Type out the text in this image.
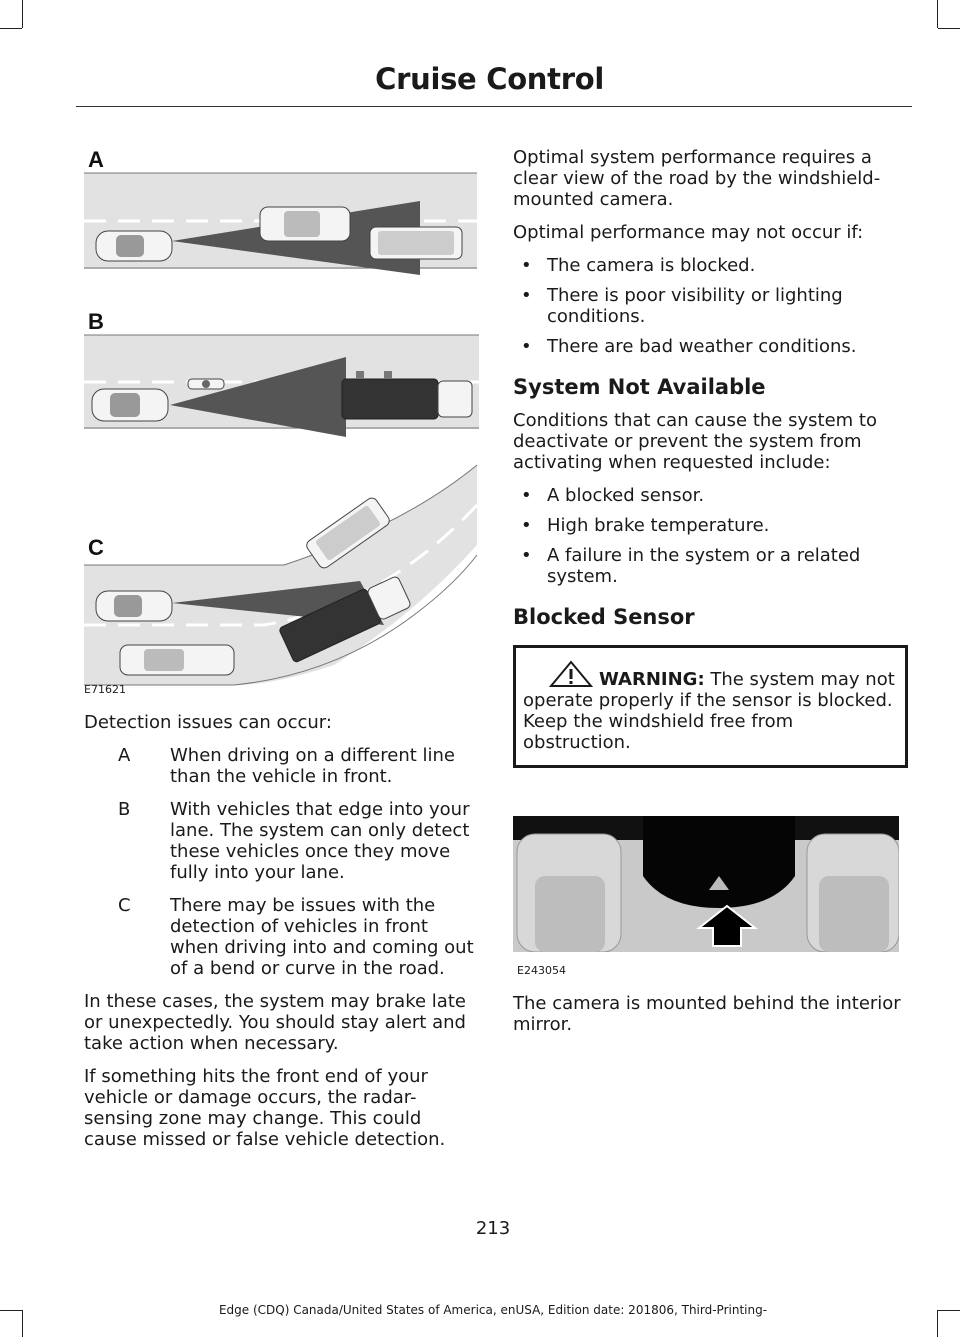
Cruise Control
A
B
C
E71621

Detection issues can occur:

A	When driving on a different line than the vehicle in front.
B	With vehicles that edge into your lane. The system can only detect these vehicles once they move fully into your lane.
C	There may be issues with the detection of vehicles in front when driving into and coming out of a bend or curve in the road.

In these cases, the system may brake late or unexpectedly. You should stay alert and take action when necessary.

If something hits the front end of your vehicle or damage occurs, the radar-sensing zone may change. This could cause missed or false vehicle detection.

Optimal system performance requires a clear view of the road by the windshield-mounted camera.

Optimal performance may not occur if:

• The camera is blocked.
• There is poor visibility or lighting conditions.
• There are bad weather conditions.
System Not Available

Conditions that can cause the system to deactivate or prevent the system from activating when requested include:

• A blocked sensor.
• High brake temperature.
• A failure in the system or a related system.
Blocked Sensor
WARNING: The system may not operate properly if the sensor is blocked. Keep the windshield free from obstruction.
E243054

The camera is mounted behind the interior mirror.

213
Edge (CDQ) Canada/United States of America, enUSA, Edition date: 201806, Third-Printing-
